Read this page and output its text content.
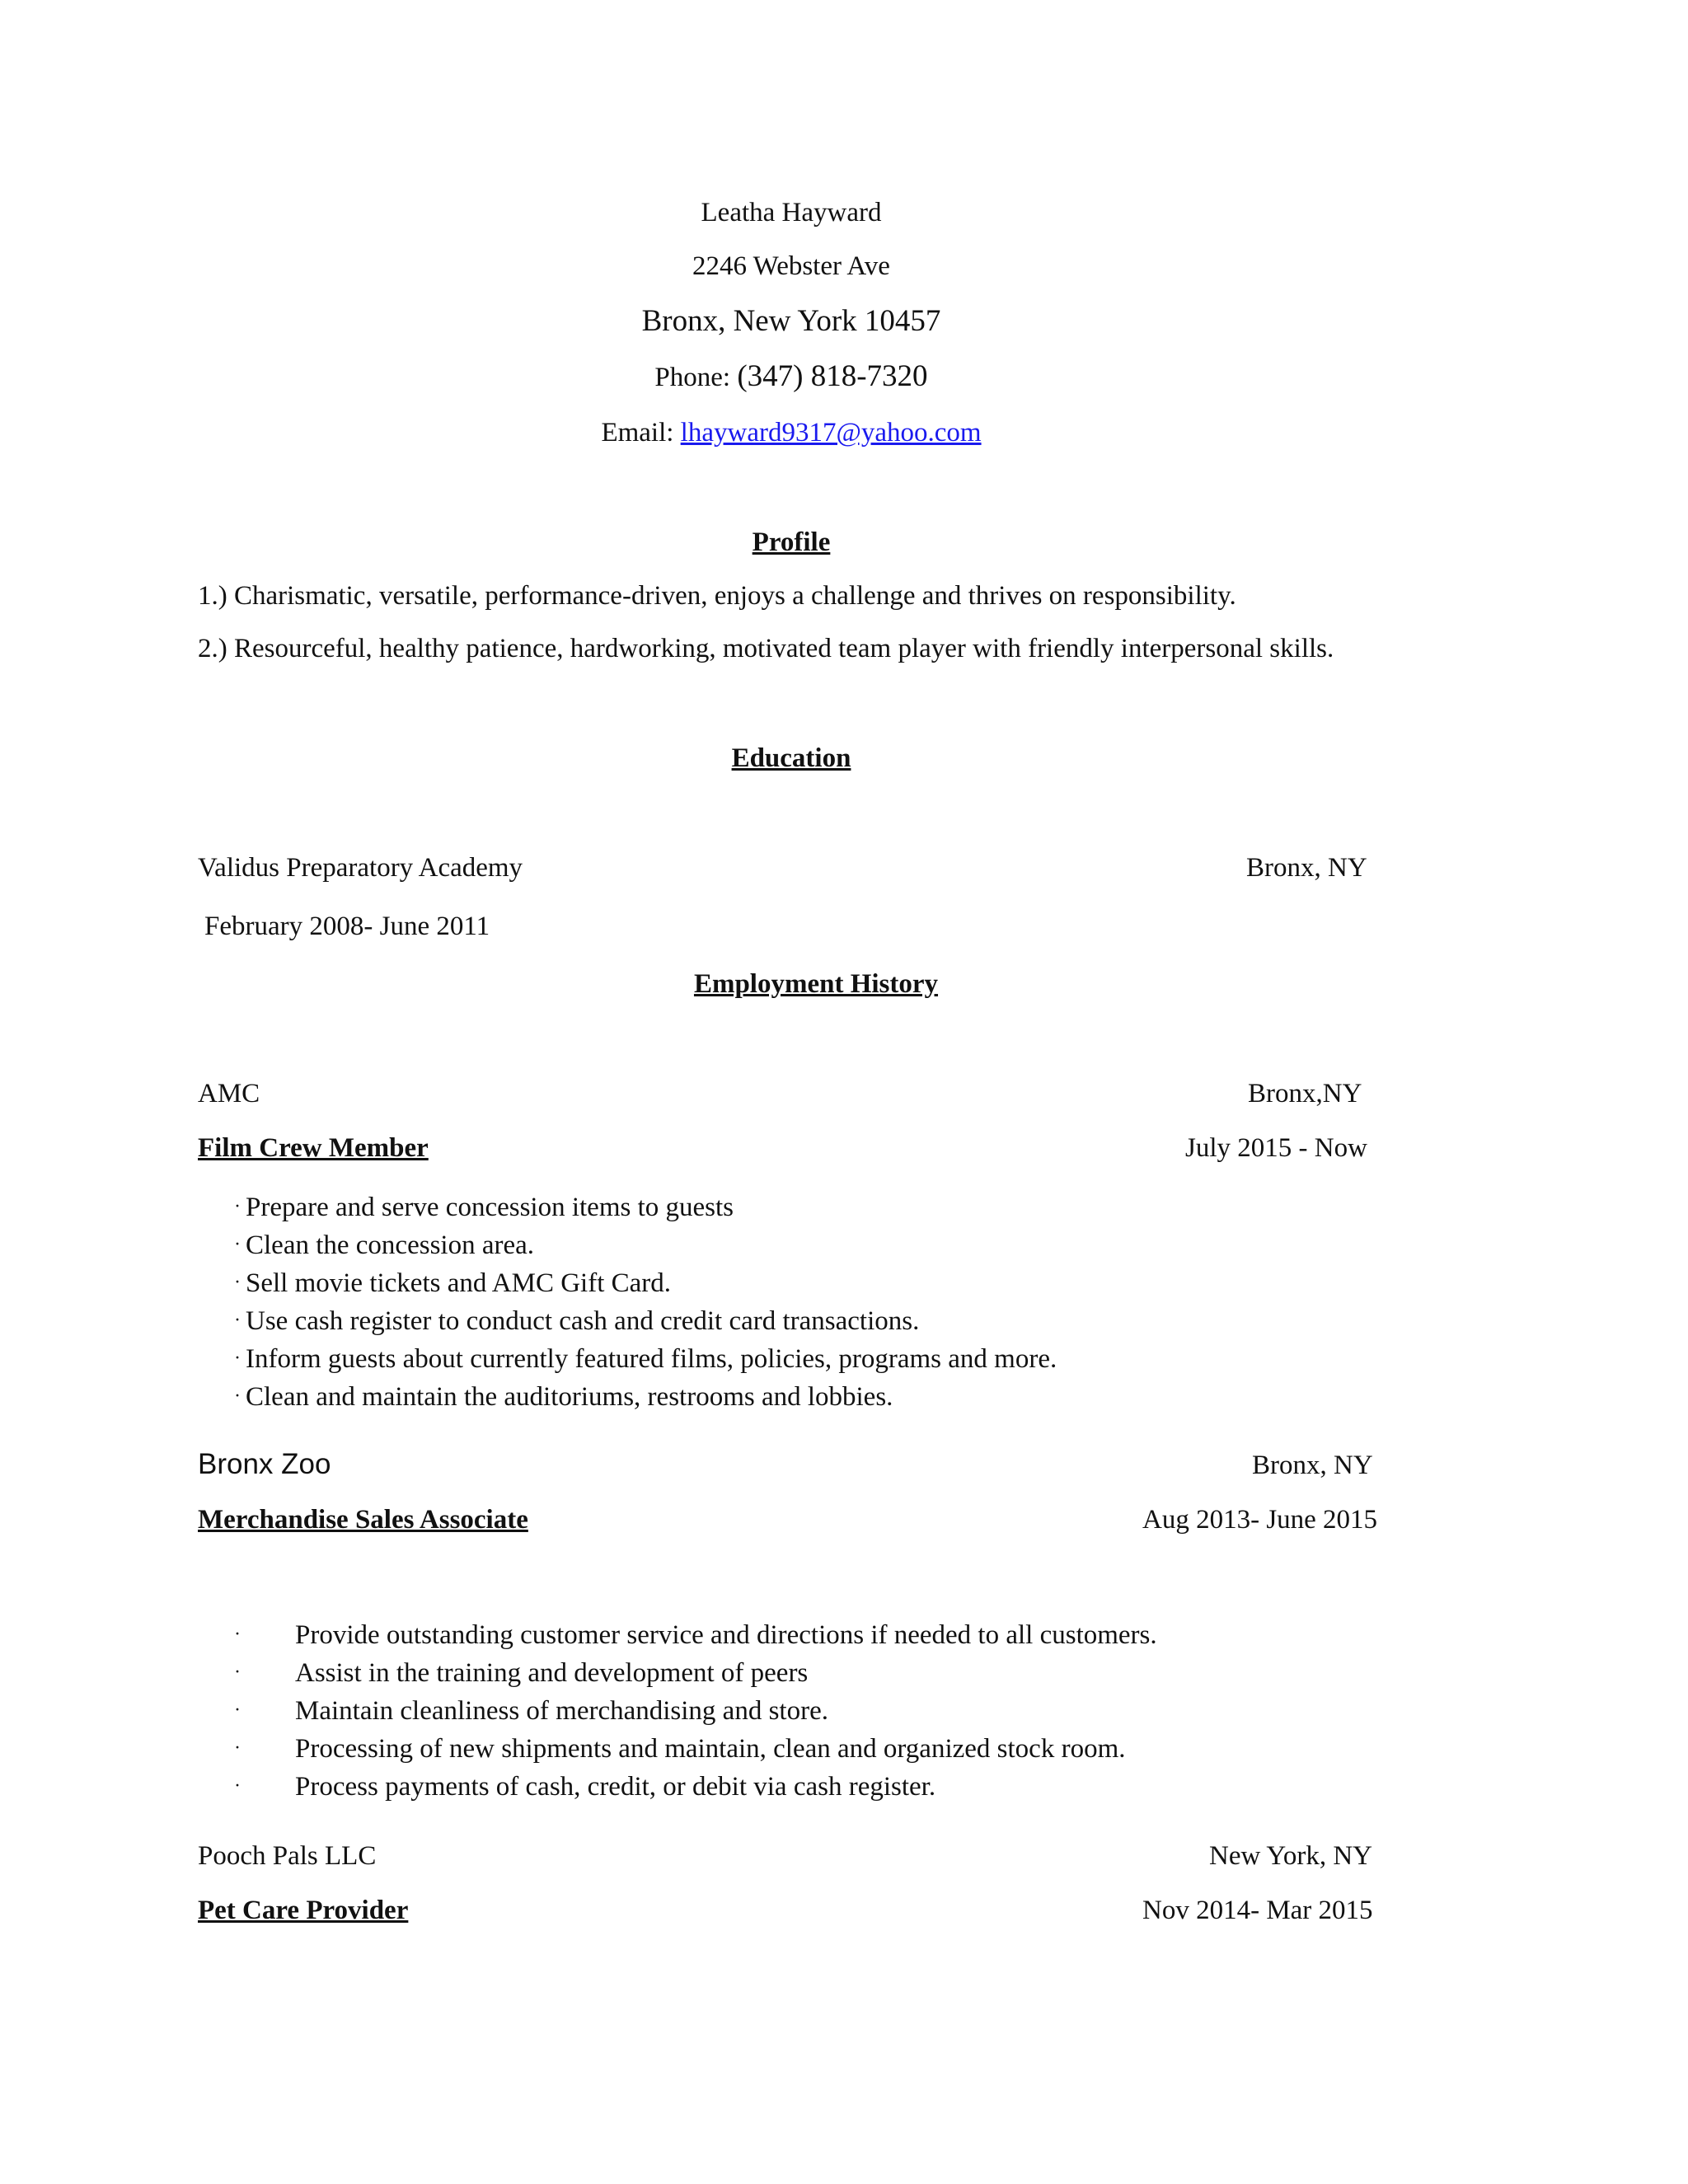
Leatha Hayward
2246 Webster Ave
Bronx, New York 10457
Phone: (347) 818-7320
Email: lhayward9317@yahoo.com
Profile
1.) Charismatic, versatile, performance-driven, enjoys a challenge and thrives on responsibility.
2.) Resourceful, healthy patience, hardworking, motivated team player with friendly interpersonal skills.
Education
Validus Preparatory Academy	Bronx, NY
February 2008- June 2011
Employment History
AMC	Bronx,NY
Film Crew Member	July 2015 - Now
· Prepare and serve concession items to guests
· Clean the concession area.
· Sell movie tickets and AMC Gift Card.
· Use cash register to conduct cash and credit card transactions.
· Inform guests about currently featured films, policies, programs and more.
· Clean and maintain the auditoriums, restrooms and lobbies.
Bronx Zoo	Bronx, NY
Merchandise Sales Associate	Aug 2013- June 2015
· Provide outstanding customer service and directions if needed to all customers.
· Assist in the training and development of peers
· Maintain cleanliness of merchandising and store.
· Processing of new shipments and maintain, clean and organized stock room.
· Process payments of cash, credit, or debit via cash register.
Pooch Pals LLC	New York, NY
Pet Care Provider	Nov 2014- Mar 2015
